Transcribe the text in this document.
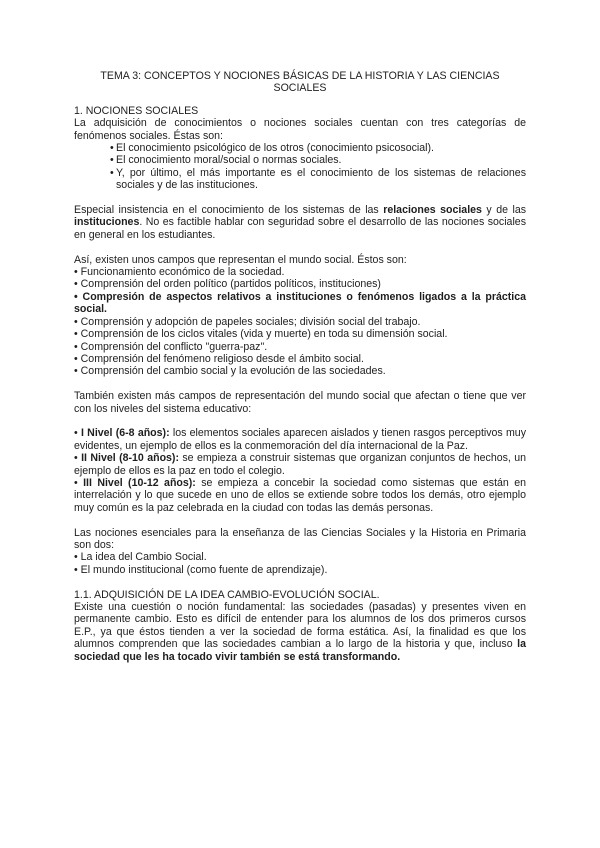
TEMA 3: CONCEPTOS Y NOCIONES BÁSICAS DE LA HISTORIA Y LAS CIENCIAS SOCIALES
1. NOCIONES SOCIALES

La adquisición de conocimientos o nociones sociales cuentan con tres categorías de fenómenos sociales. Éstas son:

• El conocimiento psicológico de los otros (conocimiento psicosocial).
• El conocimiento moral/social o normas sociales.
• Y, por último, el más importante es el conocimiento de los sistemas de relaciones sociales y de las instituciones.

Especial insistencia en el conocimiento de los sistemas de las relaciones sociales y de las instituciones. No es factible hablar con seguridad sobre el desarrollo de las nociones sociales en general en los estudiantes.

Así, existen unos campos que representan el mundo social. Éstos son:

• Funcionamiento económico de la sociedad.
• Comprensión del orden político (partidos políticos, instituciones)
• Compresión de aspectos relativos a instituciones o fenómenos ligados a la práctica social.
• Comprensión y adopción de papeles sociales; división social del trabajo.
• Comprensión de los ciclos vitales (vida y muerte) en toda su dimensión social.
• Comprensión del conflicto "guerra-paz".
• Comprensión del fenómeno religioso desde el ámbito social.
• Comprensión del cambio social y la evolución de las sociedades.

También existen más campos de representación del mundo social que afectan o tiene que ver con los niveles del sistema educativo:

• I Nivel (6-8 años): los elementos sociales aparecen aislados y tienen rasgos perceptivos muy evidentes, un ejemplo de ellos es la conmemoración del día internacional de la Paz.
• II Nivel (8-10 años): se empieza a construir sistemas que organizan conjuntos de hechos, un ejemplo de ellos es la paz en todo el colegio.
• III Nivel (10-12 años): se empieza a concebir la sociedad como sistemas que están en interrelación y lo que sucede en uno de ellos se extiende sobre todos los demás, otro ejemplo muy común es la paz celebrada en la ciudad con todas las demás personas.

Las nociones esenciales para la enseñanza de las Ciencias Sociales y la Historia en Primaria son dos:

• La idea del Cambio Social.
• El mundo institucional (como fuente de aprendizaje).
1.1. ADQUISICIÓN DE LA IDEA CAMBIO-EVOLUCIÓN SOCIAL.

Existe una cuestión o noción fundamental: las sociedades (pasadas) y presentes viven en permanente cambio. Esto es difícil de entender para los alumnos de los dos primeros cursos E.P., ya que éstos tienden a ver la sociedad de forma estática. Así, la finalidad es que los alumnos comprenden que las sociedades cambian a lo largo de la historia y que, incluso la sociedad que les ha tocado vivir también se está transformando.
